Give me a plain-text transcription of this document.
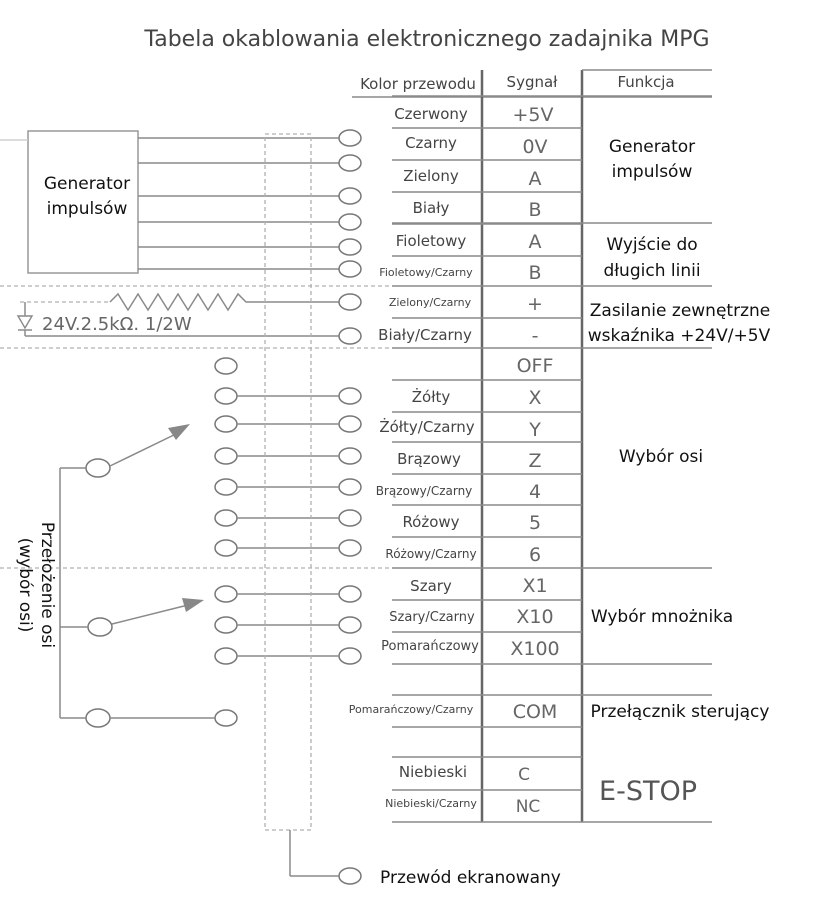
Tabela okablowania elektronicznego zadajnika MPG
Kolor przewodu Sygnał	Funkcja
Czerwony
Czarny
Zielony
Biały
Fioletowy
Fioletowy/Czarny
Zielony/Czarny
Biały/Czarny
Żółty
Żółty/Czarny
Brązowy
Brązowy/Czarny
Różowy
Różowy/Czarny
Szary
Szary/Czarny
Pomarańczowy
Pomarańczowy/Czarny
Niebieski
Niebieski/Czarny
+5V
0V
A
B
A
B
+
-
OFF
X
Y
Z
4
5
6
X1
X10
X100
COM
C
NC
Generator
impulsów
Wyjście do
długich linii
Zasilanie zewnętrzne
wskaźnika +24V/+5V
Wybór osi
Wybór mnożnika
Przełącznik sterujący
E-STOP
Generator
impulsów
24V.2.5kΩ. 1/2W
Przewód ekranowany
Przełożenie osi
(wybór osi)
